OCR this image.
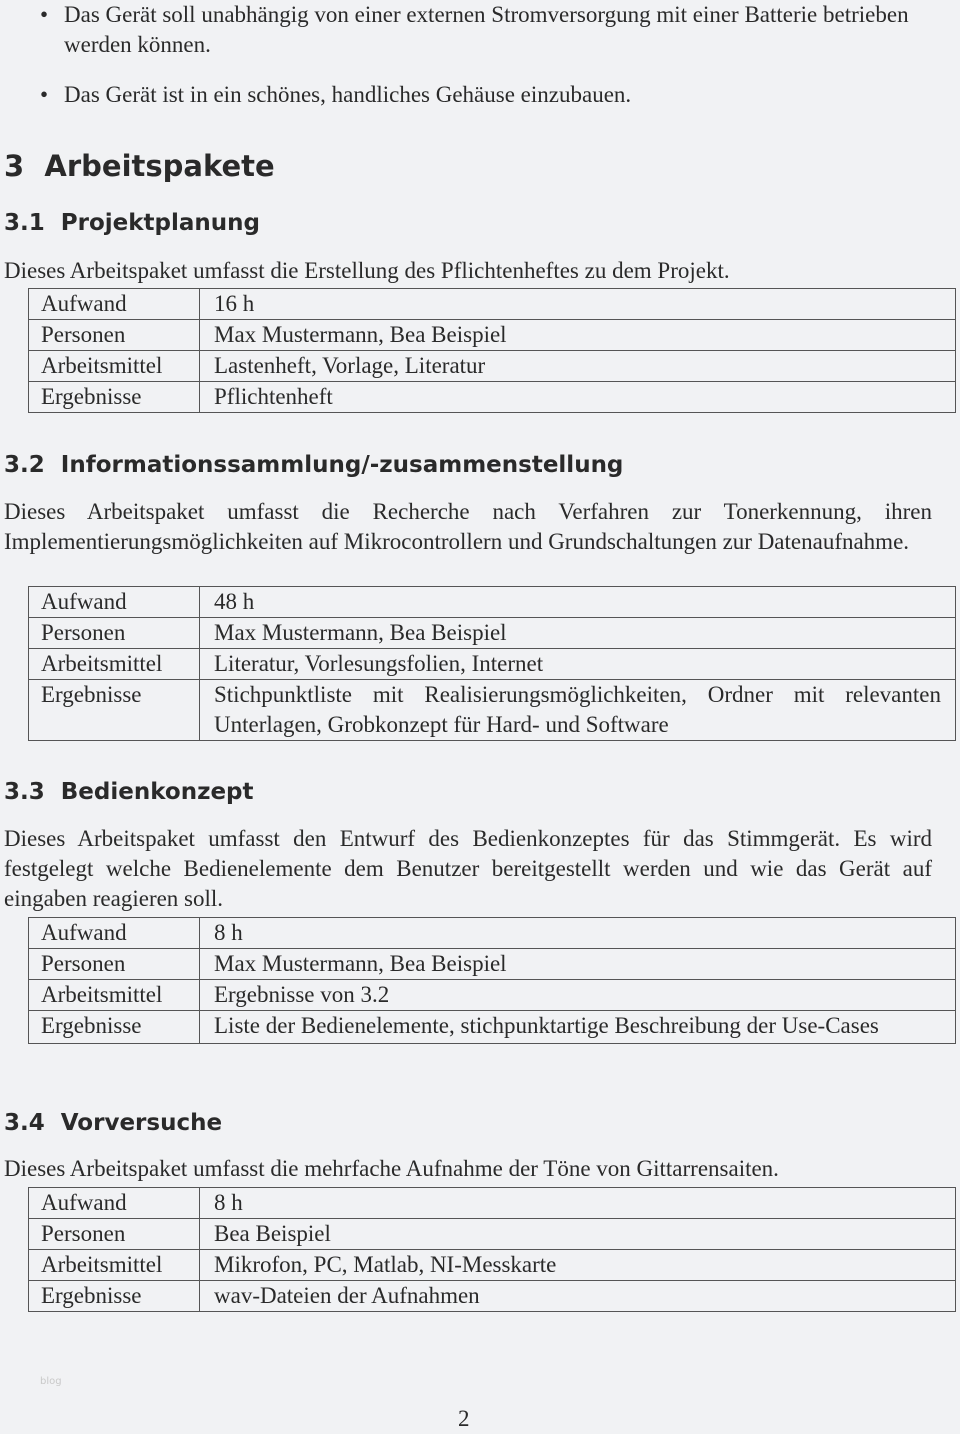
• Das Gerät soll unabhängig von einer externen Stromversorgung mit einer Batterie betrieben werden können.
• Das Gerät ist in ein schönes, handliches Gehäuse einzubauen.
3 Arbeitspakete
3.1 Projektplanung

Dieses Arbeitspaket umfasst die Erstellung des Pflichtenheftes zu dem Projekt.

Aufwand	16 h
Personen	Max Mustermann, Bea Beispiel
Arbeitsmittel	Lastenheft, Vorlage, Literatur
Ergebnisse	Pflichtenheft
3.2 Informationssammlung/-zusammenstellung

Dieses Arbeitspaket umfasst die Recherche nach Verfahren zur Tonerkennung, ihren Implementierungsmöglichkeiten auf Mikrocontrollern und Grundschaltungen zur Datenaufnahme.

Aufwand	48 h
Personen	Max Mustermann, Bea Beispiel
Arbeitsmittel	Literatur, Vorlesungsfolien, Internet
Ergebnisse	Stichpunktliste mit Realisierungsmöglichkeiten, Ordner mit relevanten Unterlagen, Grobkonzept für Hard- und Software
3.3 Bedienkonzept

Dieses Arbeitspaket umfasst den Entwurf des Bedienkonzeptes für das Stimmgerät. Es wird festgelegt welche Bedienelemente dem Benutzer bereitgestellt werden und wie das Gerät auf eingaben reagieren soll.

Aufwand	8 h
Personen	Max Mustermann, Bea Beispiel
Arbeitsmittel	Ergebnisse von 3.2
Ergebnisse	Liste der Bedienelemente, stichpunktartige Beschreibung der Use-Cases
3.4 Vorversuche

Dieses Arbeitspaket umfasst die mehrfache Aufnahme der Töne von Gittarrensaiten.

Aufwand	8 h
Personen	Bea Beispiel
Arbeitsmittel	Mikrofon, PC, Matlab, NI-Messkarte
Ergebnisse	wav-Dateien der Aufnahmen
blog
2
